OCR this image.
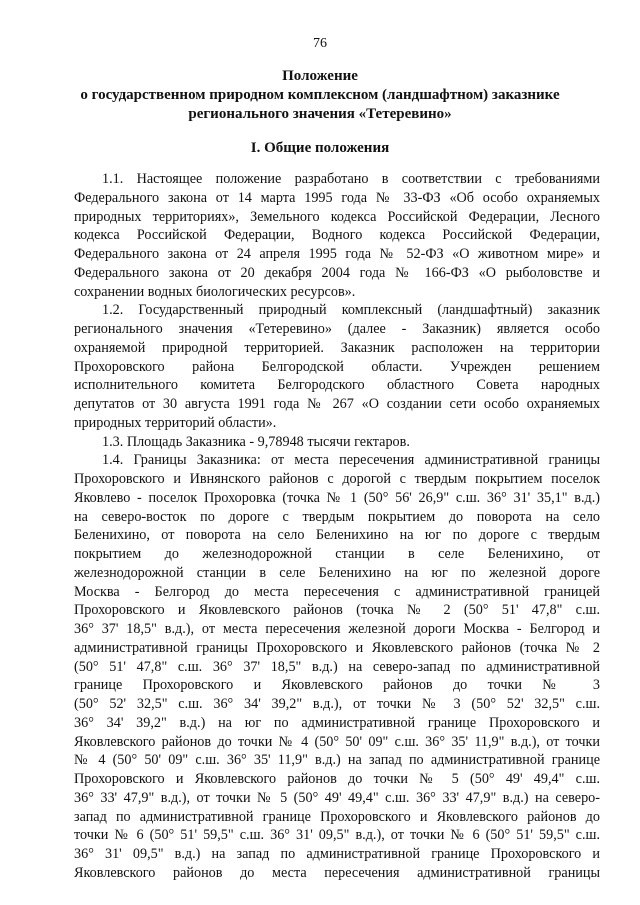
76
Положение
о государственном природном комплексном (ландшафтном) заказнике
регионального значения «Тетеревино»
I. Общие положения
1.1. Настоящее положение разработано в соответствии с требованиями
Федерального закона от 14 марта 1995 года № 33-ФЗ «Об особо охраняемых
природных территориях», Земельного кодекса Российской Федерации, Лесного
кодекса Российской Федерации, Водного кодекса Российской Федерации,
Федерального закона от 24 апреля 1995 года № 52-ФЗ «О животном мире» и
Федерального закона от 20 декабря 2004 года № 166-ФЗ «О рыболовстве и
сохранении водных биологических ресурсов».
1.2. Государственный природный комплексный (ландшафтный) заказник
регионального значения «Тетеревино» (далее - Заказник) является особо
охраняемой природной территорией. Заказник расположен на территории
Прохоровского района Белгородской области. Учрежден решением
исполнительного комитета Белгородского областного Совета народных
депутатов от 30 августа 1991 года № 267 «О создании сети особо охраняемых
природных территорий области».
1.3. Площадь Заказника - 9,78948 тысячи гектаров.
1.4. Границы Заказника: от места пересечения административной границы
Прохоровского и Ивнянского районов с дорогой с твердым покрытием поселок
Яковлево - поселок Прохоровка (точка № 1 (50° 56' 26,9" с.ш. 36° 31' 35,1" в.д.)
на северо-восток по дороге с твердым покрытием до поворота на село
Беленихино, от поворота на село Беленихино на юг по дороге с твердым
покрытием до железнодорожной станции в селе Беленихино, от
железнодорожной станции в селе Беленихино на юг по железной дороге
Москва - Белгород до места пересечения с административной границей
Прохоровского и Яковлевского районов (точка № 2 (50° 51' 47,8" с.ш.
36° 37' 18,5" в.д.), от места пересечения железной дороги Москва - Белгород и
административной границы Прохоровского и Яковлевского районов (точка № 2
(50° 51' 47,8" с.ш. 36° 37' 18,5" в.д.) на северо-запад по административной
границе Прохоровского и Яковлевского районов до точки № 3
(50° 52' 32,5" с.ш. 36° 34' 39,2" в.д.), от точки № 3 (50° 52' 32,5" с.ш.
36° 34' 39,2" в.д.) на юг по административной границе Прохоровского и
Яковлевского районов до точки № 4 (50° 50' 09" с.ш. 36° 35' 11,9" в.д.), от точки
№ 4 (50° 50' 09" с.ш. 36° 35' 11,9" в.д.) на запад по административной границе
Прохоровского и Яковлевского районов до точки № 5 (50° 49' 49,4" с.ш.
36° 33' 47,9" в.д.), от точки № 5 (50° 49' 49,4" с.ш. 36° 33' 47,9" в.д.) на северо-
запад по административной границе Прохоровского и Яковлевского районов до
точки № 6 (50° 51' 59,5" с.ш. 36° 31' 09,5" в.д.), от точки № 6 (50° 51' 59,5" с.ш.
36° 31' 09,5" в.д.) на запад по административной границе Прохоровского и
Яковлевского районов до места пересечения административной границы
